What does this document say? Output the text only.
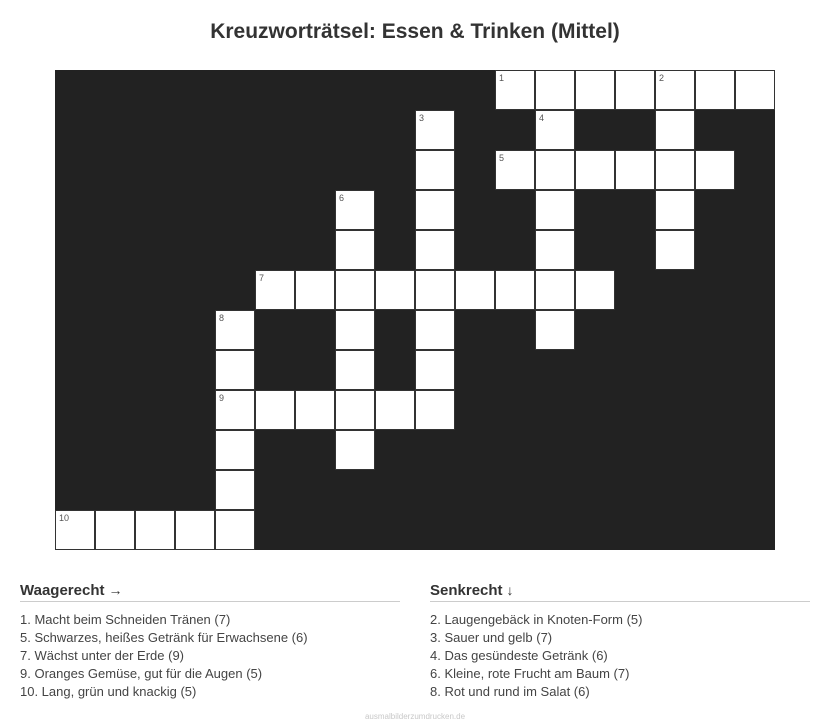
Kreuzworträtsel: Essen & Trinken (Mittel)
1	2
5
7
9
10
3	4
6
8
Waagerecht →
1. Macht beim Schneiden Tränen (7)
5. Schwarzes, heißes Getränk für Erwachsene (6)
7. Wächst unter der Erde (9)
9. Oranges Gemüse, gut für die Augen (5)
10. Lang, grün und knackig (5)
Senkrecht ↓
2. Laugengebäck in Knoten-Form (5)
3. Sauer und gelb (7)
4. Das gesündeste Getränk (6)
6. Kleine, rote Frucht am Baum (7)
8. Rot und rund im Salat (6)
ausmalbilderzumdrucken.de
